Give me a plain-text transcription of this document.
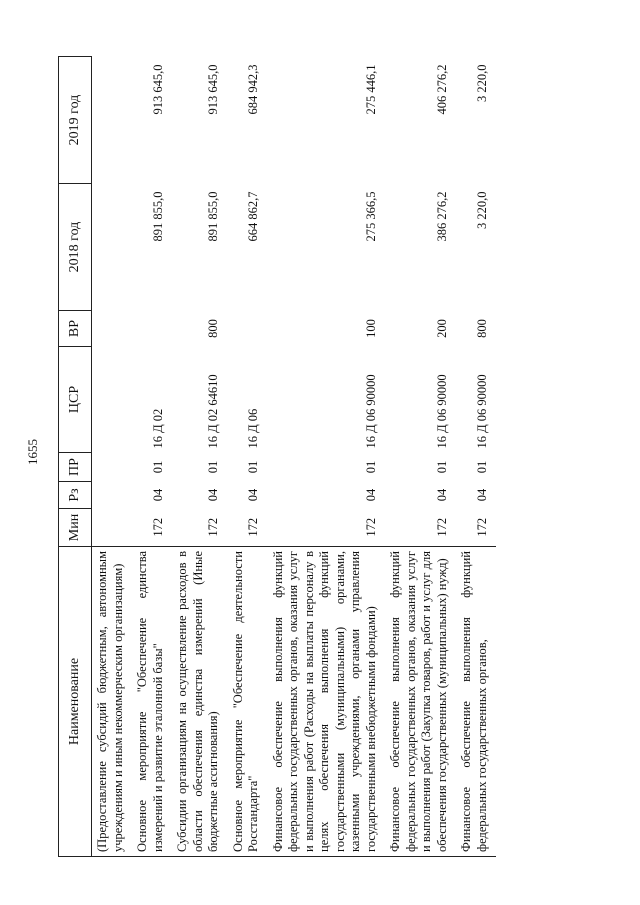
1655
Наименование	Мин	Рз	ПР	ЦСР	ВР	2018 год	2019 год
(Предоставление субсидий бюджетным, автономным учреждениям и иным некоммерческим организациям)							
Основное мероприятие "Обеспечение единства измерений и развитие эталонной базы"	172	04	01	16 Д 02		891 855,0	913 645,0
Субсидии организациям на осуществление расходов в области обеспечения единства измерений (Иные бюджетные ассигнования)	172	04	01	16 Д 02 64610	800	891 855,0	913 645,0
Основное мероприятие "Обеспечение деятельности Росстандарта"	172	04	01	16 Д 06		664 862,7	684 942,3
Финансовое обеспечение выполнения функций федеральных государственных органов, оказания услуг и выполнения работ (Расходы на выплаты персоналу в целях обеспечения выполнения функций государственными (муниципальными) органами, казенными учреждениями, органами управления государственными внебюджетными фондами)	172	04	01	16 Д 06 90000	100	275 366,5	275 446,1
Финансовое обеспечение выполнения функций федеральных государственных органов, оказания услуг и выполнения работ (Закупка товаров, работ и услуг для обеспечения государственных (муниципальных) нужд)	172	04	01	16 Д 06 90000	200	386 276,2	406 276,2
Финансовое обеспечение выполнения функций федеральных государственных органов,	172	04	01	16 Д 06 90000	800	3 220,0	3 220,0
